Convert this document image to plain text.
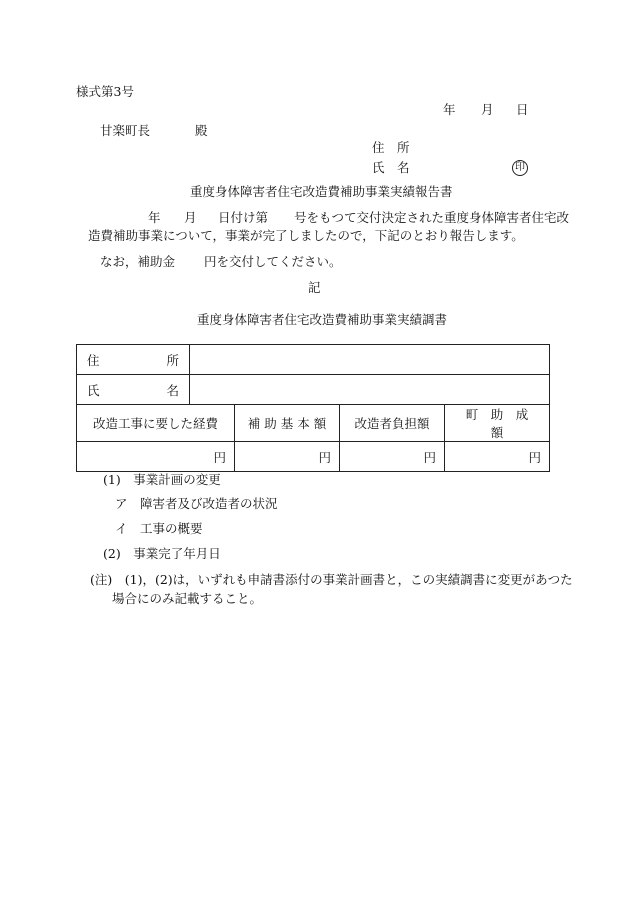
様式第3号
年 月 日
甘楽町長	殿
住　所
氏　名	印
重度身体障害者住宅改造費補助事業実績報告書
年 月 日付け第 号をもつて交付決定された重度身体障害者住宅改
造費補助事業について，事業が完了しましたので，下記のとおり報告します。
なお，補助金 円を交付してください。
記
重度身体障害者住宅改造費補助事業実績調書
住 所				

氏 名				

改造工事に要した経費		補 助 基 本 額	改造者負担額	町　助　成　額
円		円	円	円
(1)　事業計画の変更
ア　障害者及び改造者の状況
イ　工事の概要
(2)　事業完了年月日
(注)　(1)，(2)は，いずれも申請書添付の事業計画書と，この実績調書に変更があつた
場合にのみ記載すること。
